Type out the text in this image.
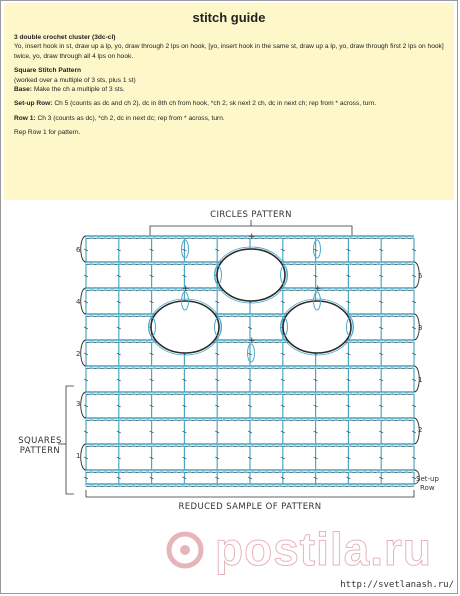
stitch guide

3 double crochet cluster (3dc-cl)
Yo, insert hook in st, draw up a lp, yo, draw through 2 lps on hook, [yo, insert hook in the same st, draw up a lp, yo, draw through first 2 lps on hook] twice, yo, draw through all 4 lps on hook.

Square Stitch Pattern
(worked over a multiple of 3 sts, plus 1 st)
Base: Make the ch a multiple of 3 sts.

Set-up Row: Ch 5 (counts as dc and ch 2), dc in 8th ch from hook, *ch 2, sk next 2 ch, dc in next ch; rep from * across, turn.

Row 1: Ch 3 (counts as dc), *ch 2, dc in next dc; rep from * across, turn.

Rep Row 1 for pattern.

CIRCLES PATTERN
SQUARES
PATTERN
REDUCED SAMPLE OF PATTERN
Set-up
Row
6
4
2
3
1
5
3
1
2
+	+
+
+
postila.ru
http://svetlanash.ru/
